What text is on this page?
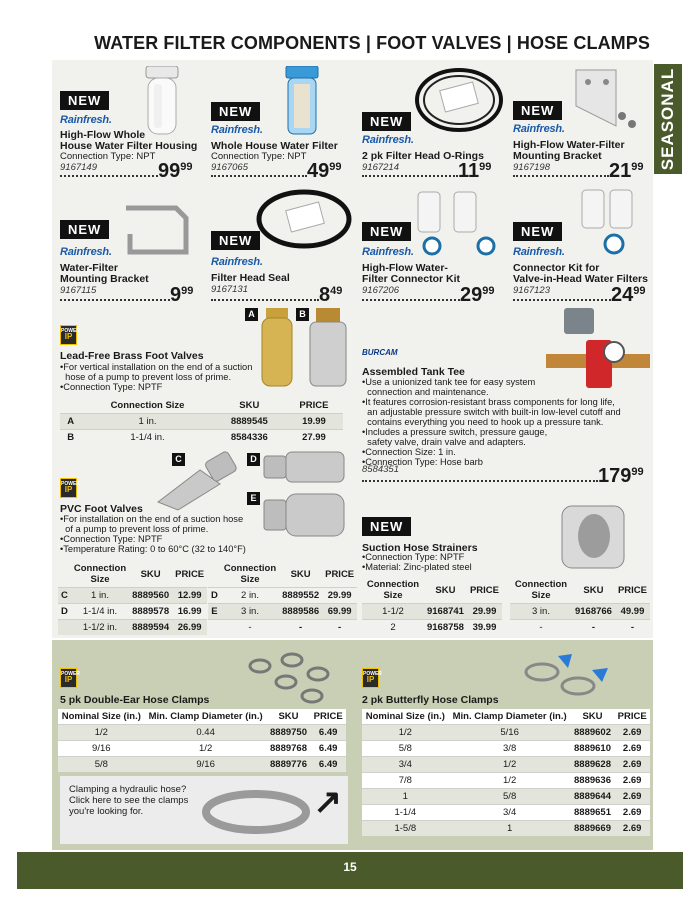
WATER FILTER COMPONENTS | FOOT VALVES | HOSE CLAMPS
SEASONAL
NEW
Rainfresh.
High-Flow Whole
House Water Filter Housing
Connection Type: NPT
9167149	$99^{99}$
NEW
Rainfresh.
Whole House Water Filter
Connection Type: NPT
9167065	$49^{99}$
NEW
Rainfresh.
2 pk Filter Head O-Rings
9167214	$11^{99}$
NEW
Rainfresh.
High-Flow Water-Filter
Mounting Bracket
9167198	$21^{99}$
NEW
Rainfresh.
Water-Filter
Mounting Bracket
9167115	$9^{99}$
NEW
Rainfresh.
Filter Head Seal
9167131	$8^{49}$
NEW
Rainfresh.
High-Flow Water-
Filter Connector Kit
9167206	$29^{99}$
NEW
Rainfresh.
Connector Kit for
Valve-in-Head Water Filters
9167123	$24^{99}$
POWER
IP
A	B
Lead-Free Brass Foot Valves
•For vertical installation on the end of a suction
hose of a pump to prevent loss of prime.
•Connection Type: NPTF
	Connection Size	SKU	PRICE
A	1 in.	8889545	19.99
B	1-1/4 in.	8584336	27.99
BURCAM
Assembled Tank Tee
•Use a unionized tank tee for easy system
connection and maintenance.
•It features corrosion-resistant brass components for long life,
an adjustable pressure switch with built-in low-level cutoff and
contains everything you need to hook up a pressure tank.
•Includes a pressure switch, pressure gauge,
safety valve, drain valve and adapters.
•Connection Size: 1 in.
•Connection Type: Hose barb
8584351	$179^{99}$
C	D
E
POWER
IP
PVC Foot Valves
•For installation on the end of a suction hose
of a pump to prevent loss of prime.
•Connection Type: NPTF
•Temperature Rating: 0 to 60°C (32 to 140°F)
	Connection Size	SKU	PRICE
C	1 in.	8889560	12.99
D	1-1/4 in.	8889578	16.99
	1-1/2 in.	8889594	26.99
	Connection Size	SKU	PRICE
D	2 in.	8889552	29.99
E	3 in.	8889586	69.99
	-	-	-
NEW
Suction Hose Strainers
•Connection Type: NPTF
•Material: Zinc-plated steel
Connection Size	SKU	PRICE
1-1/2	9168741	29.99
2	9168758	39.99
Connection Size	SKU	PRICE
3 in.	9168766	49.99
-	-	-
POWER
IP
5 pk Double-Ear Hose Clamps
Nominal Size (in.)	Min. Clamp Diameter (in.)	SKU	PRICE
1/2	0.44	8889750	6.49
9/16	1/2	8889768	6.49
5/8	9/16	8889776	6.49
Clamping a hydraulic hose?
Click here to see the clamps
you're looking for.	↗
POWER
IP
2 pk Butterfly Hose Clamps
Nominal Size (in.)	Min. Clamp Diameter (in.)	SKU	PRICE
1/2	5/16	8889602	2.69
5/8	3/8	8889610	2.69
3/4	1/2	8889628	2.69
7/8	1/2	8889636	2.69
1	5/8	8889644	2.69
1-1/4	3/4	8889651	2.69
1-5/8	1	8889669	2.69
15
